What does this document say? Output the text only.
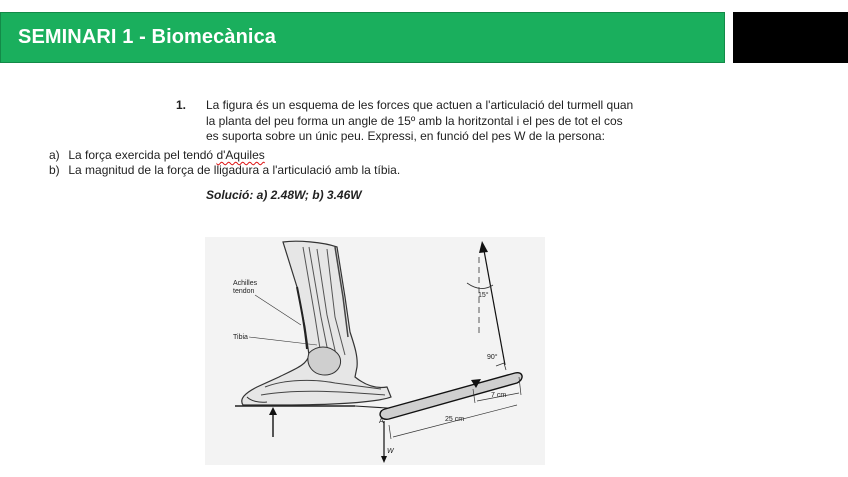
SEMINARI 1 - Biomecànica
1. La figura és un esquema de les forces que actuen a l'articulació del turmell quan
la planta del peu forma un angle de 15º amb la horitzontal i el pes de tot el cos
es suporta sobre un únic peu. Expressi, en funció del pes W de la persona:
a) La força exercida pel tendó d'Aquiles
b) La magnitud de la força de lligadura a l'articulació amb la tíbia.
Solució: a) 2.48W; b) 3.46W
Achilles
tendon
Tibia
15°
90°
7 cm
25 cm
A
W
